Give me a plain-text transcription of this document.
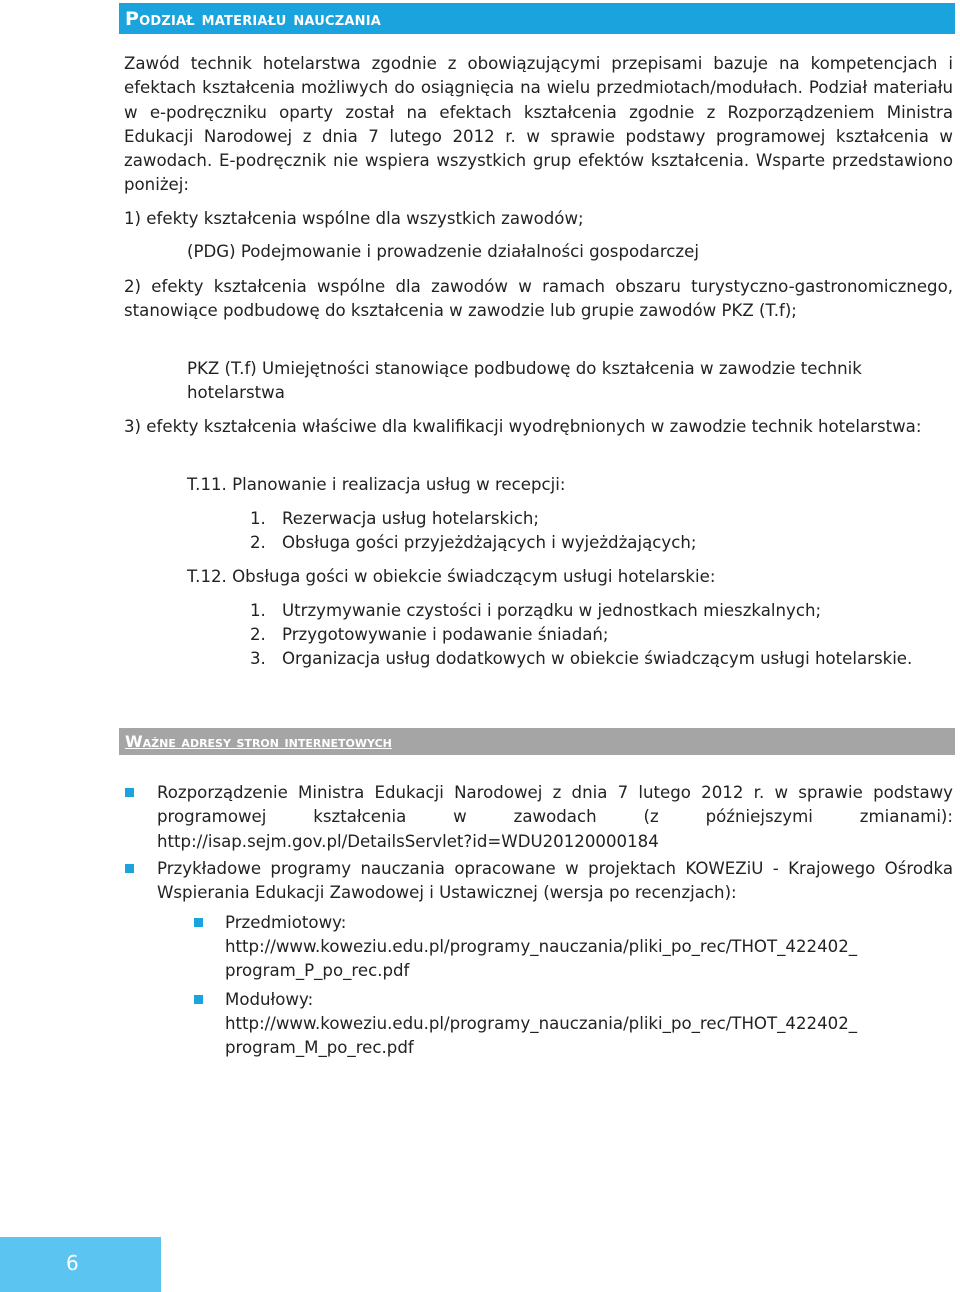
Podział materiału nauczania

Zawód technik hotelarstwa zgodnie z obowiązującymi przepisami bazuje na kompetencjach i efektach kształcenia możliwych do osiągnięcia na wielu przedmiotach/modułach. Podział materiału w e-podręczniku oparty został na efektach kształcenia zgodnie z Rozporządzeniem Ministra Edukacji Narodowej z dnia 7 lutego 2012 r. w sprawie podstawy programowej kształcenia w zawodach. E-podręcznik nie wspiera wszystkich grup efektów kształcenia. Wsparte przedstawiono poniżej:

1) efekty kształcenia wspólne dla wszystkich zawodów;

(PDG) Podejmowanie i prowadzenie działalności gospodarczej

2) efekty kształcenia wspólne dla zawodów w ramach obszaru turystyczno-gastronomicznego, stanowiące podbudowę do kształcenia w zawodzie lub grupie zawodów PKZ (T.f);

PKZ (T.f) Umiejętności stanowiące podbudowę do kształcenia w zawodzie technik hotelarstwa

3) efekty kształcenia właściwe dla kwalifikacji wyodrębnionych w zawodzie technik hotelarstwa:

T.11. Planowanie i realizacja usług w recepcji:

1. Rezerwacja usług hotelarskich;
2. Obsługa gości przyjeżdżających i wyjeżdżających;

T.12. Obsługa gości w obiekcie świadczącym usługi hotelarskie:

1. Utrzymywanie czystości i porządku w jednostkach mieszkalnych;
2. Przygotowywanie i podawanie śniadań;
3. Organizacja usług dodatkowych w obiekcie świadczącym usługi hotelarskie.

Ważne adresy stron internetowych

Rozporządzenie Ministra Edukacji Narodowej z dnia 7 lutego 2012 r. w sprawie podstawy programowej kształcenia w zawodach (z późniejszymi zmianami): http://isap.sejm.gov.pl/DetailsServlet?id=WDU20120000184

Przykładowe programy nauczania opracowane w projektach KOWEZiU - Krajowego Ośrodka Wspierania Edukacji Zawodowej i Ustawicznej (wersja po recenzjach):

Przedmiotowy:
http://www.koweziu.edu.pl/programy_nauczania/pliki_po_rec/THOT_422402_
program_P_po_rec.pdf
Modułowy:
http://www.koweziu.edu.pl/programy_nauczania/pliki_po_rec/THOT_422402_
program_M_po_rec.pdf
6
